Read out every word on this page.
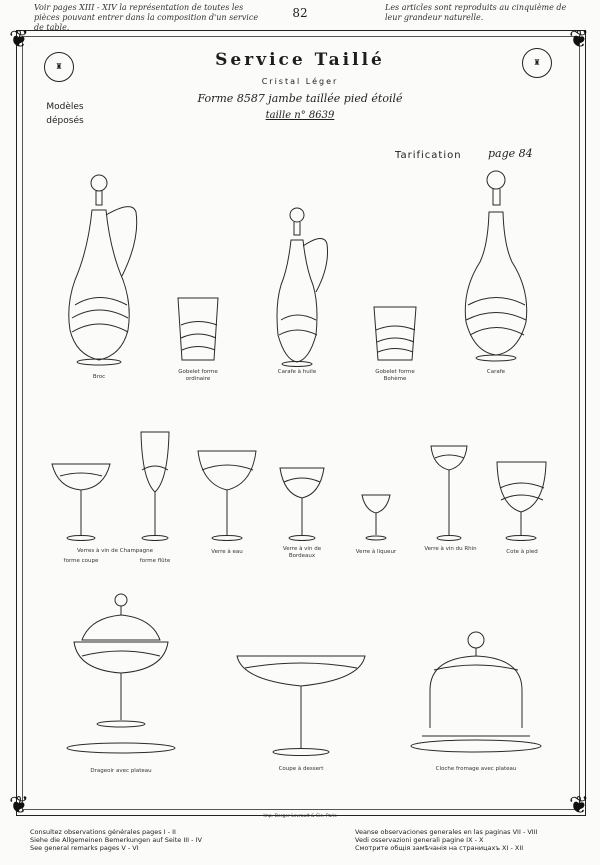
Voir pages XIII - XIV la représentation de toutes les pièces pouvant entrer dans la composition d'un service de table.
82	Les articles sont reproduits au cinquième de leur grandeur naturelle.
❦	❦
❦	❦
♜	♜
Service Taillé
Cristal Léger
Forme 8587 jambe taillée pied étoilé
taille n° 8639
Modèles déposés
Tarification page 84
Broc
Gobelet forme ordinaire
Carafe à huile	Gobelet forme Bohème
Carafe
Verres à vin de Champagne
forme coupe	forme flûte
Verre à eau	Verre à vin de Bordeaux
Verre à liqueur	Verre à vin du Rhin	Cote à pied
Drageoir avec plateau	Coupe à dessert	Cloche fromage avec plateau
Imp. Berger-Levrault & Cie. Paris
Consultez observations générales pages I - II
Siehe die Allgemeinen Bemerkungen auf Seite III - IV
See general remarks pages V - VI
Veanse observaciones generales en las paginas VII - VIII
Vedi osservazioni generali pagine IX - X
Смотрите общія замѣчанія на страницахъ XI - XII
